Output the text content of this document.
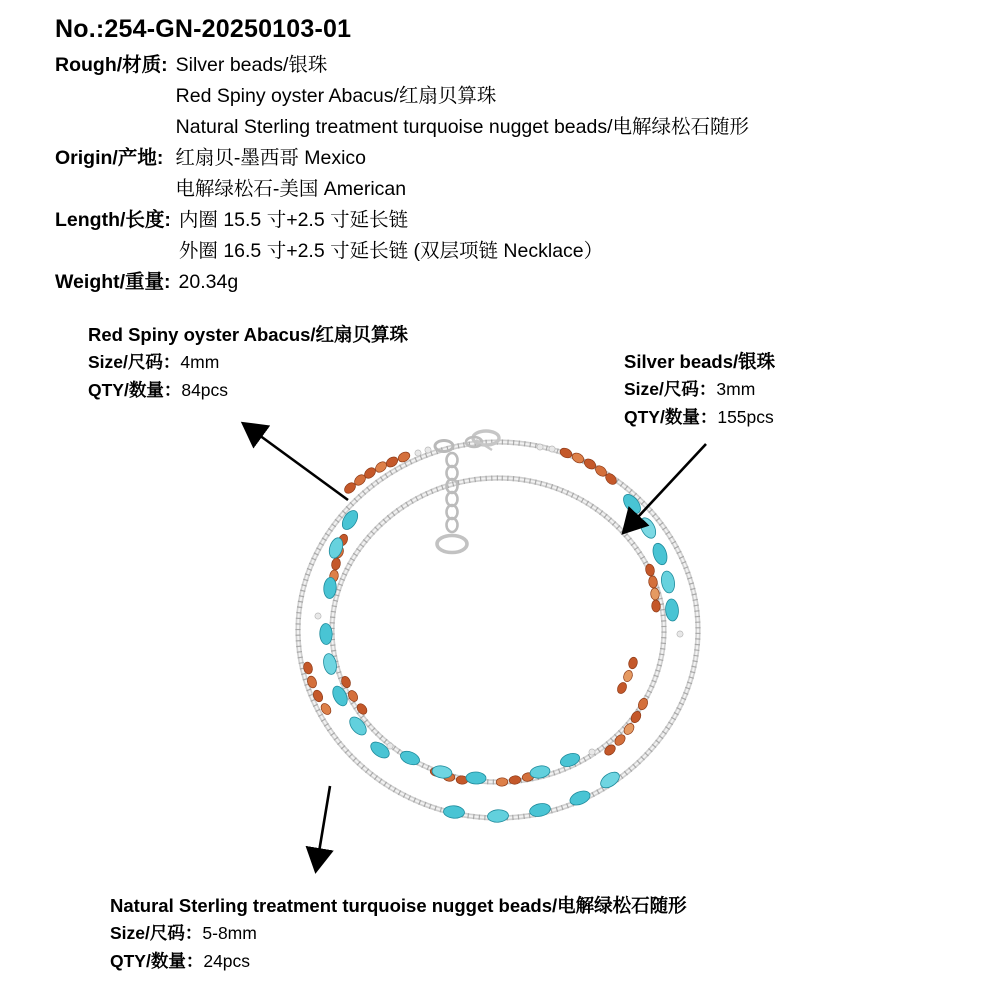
No.:254-GN-20250103-01
Rough/材质: Silver beads/银珠
Red Spiny oyster Abacus/红扇贝算珠
Natural Sterling treatment turquoise nugget beads/电解绿松石随形
Origin/产地: 红扇贝-墨西哥 Mexico
电解绿松石-美国 American
Length/长度: 内圈 15.5 寸+2.5 寸延长链
外圈 16.5 寸+2.5 寸延长链 (双层项链 Necklace）
Weight/重量: 20.34g
Red Spiny oyster Abacus/红扇贝算珠
Size/尺码：4mm
QTY/数量：84pcs
Silver beads/银珠
Size/尺码：3mm
QTY/数量：155pcs
Natural Sterling treatment turquoise nugget beads/电解绿松石随形
Size/尺码：5-8mm
QTY/数量：24pcs
